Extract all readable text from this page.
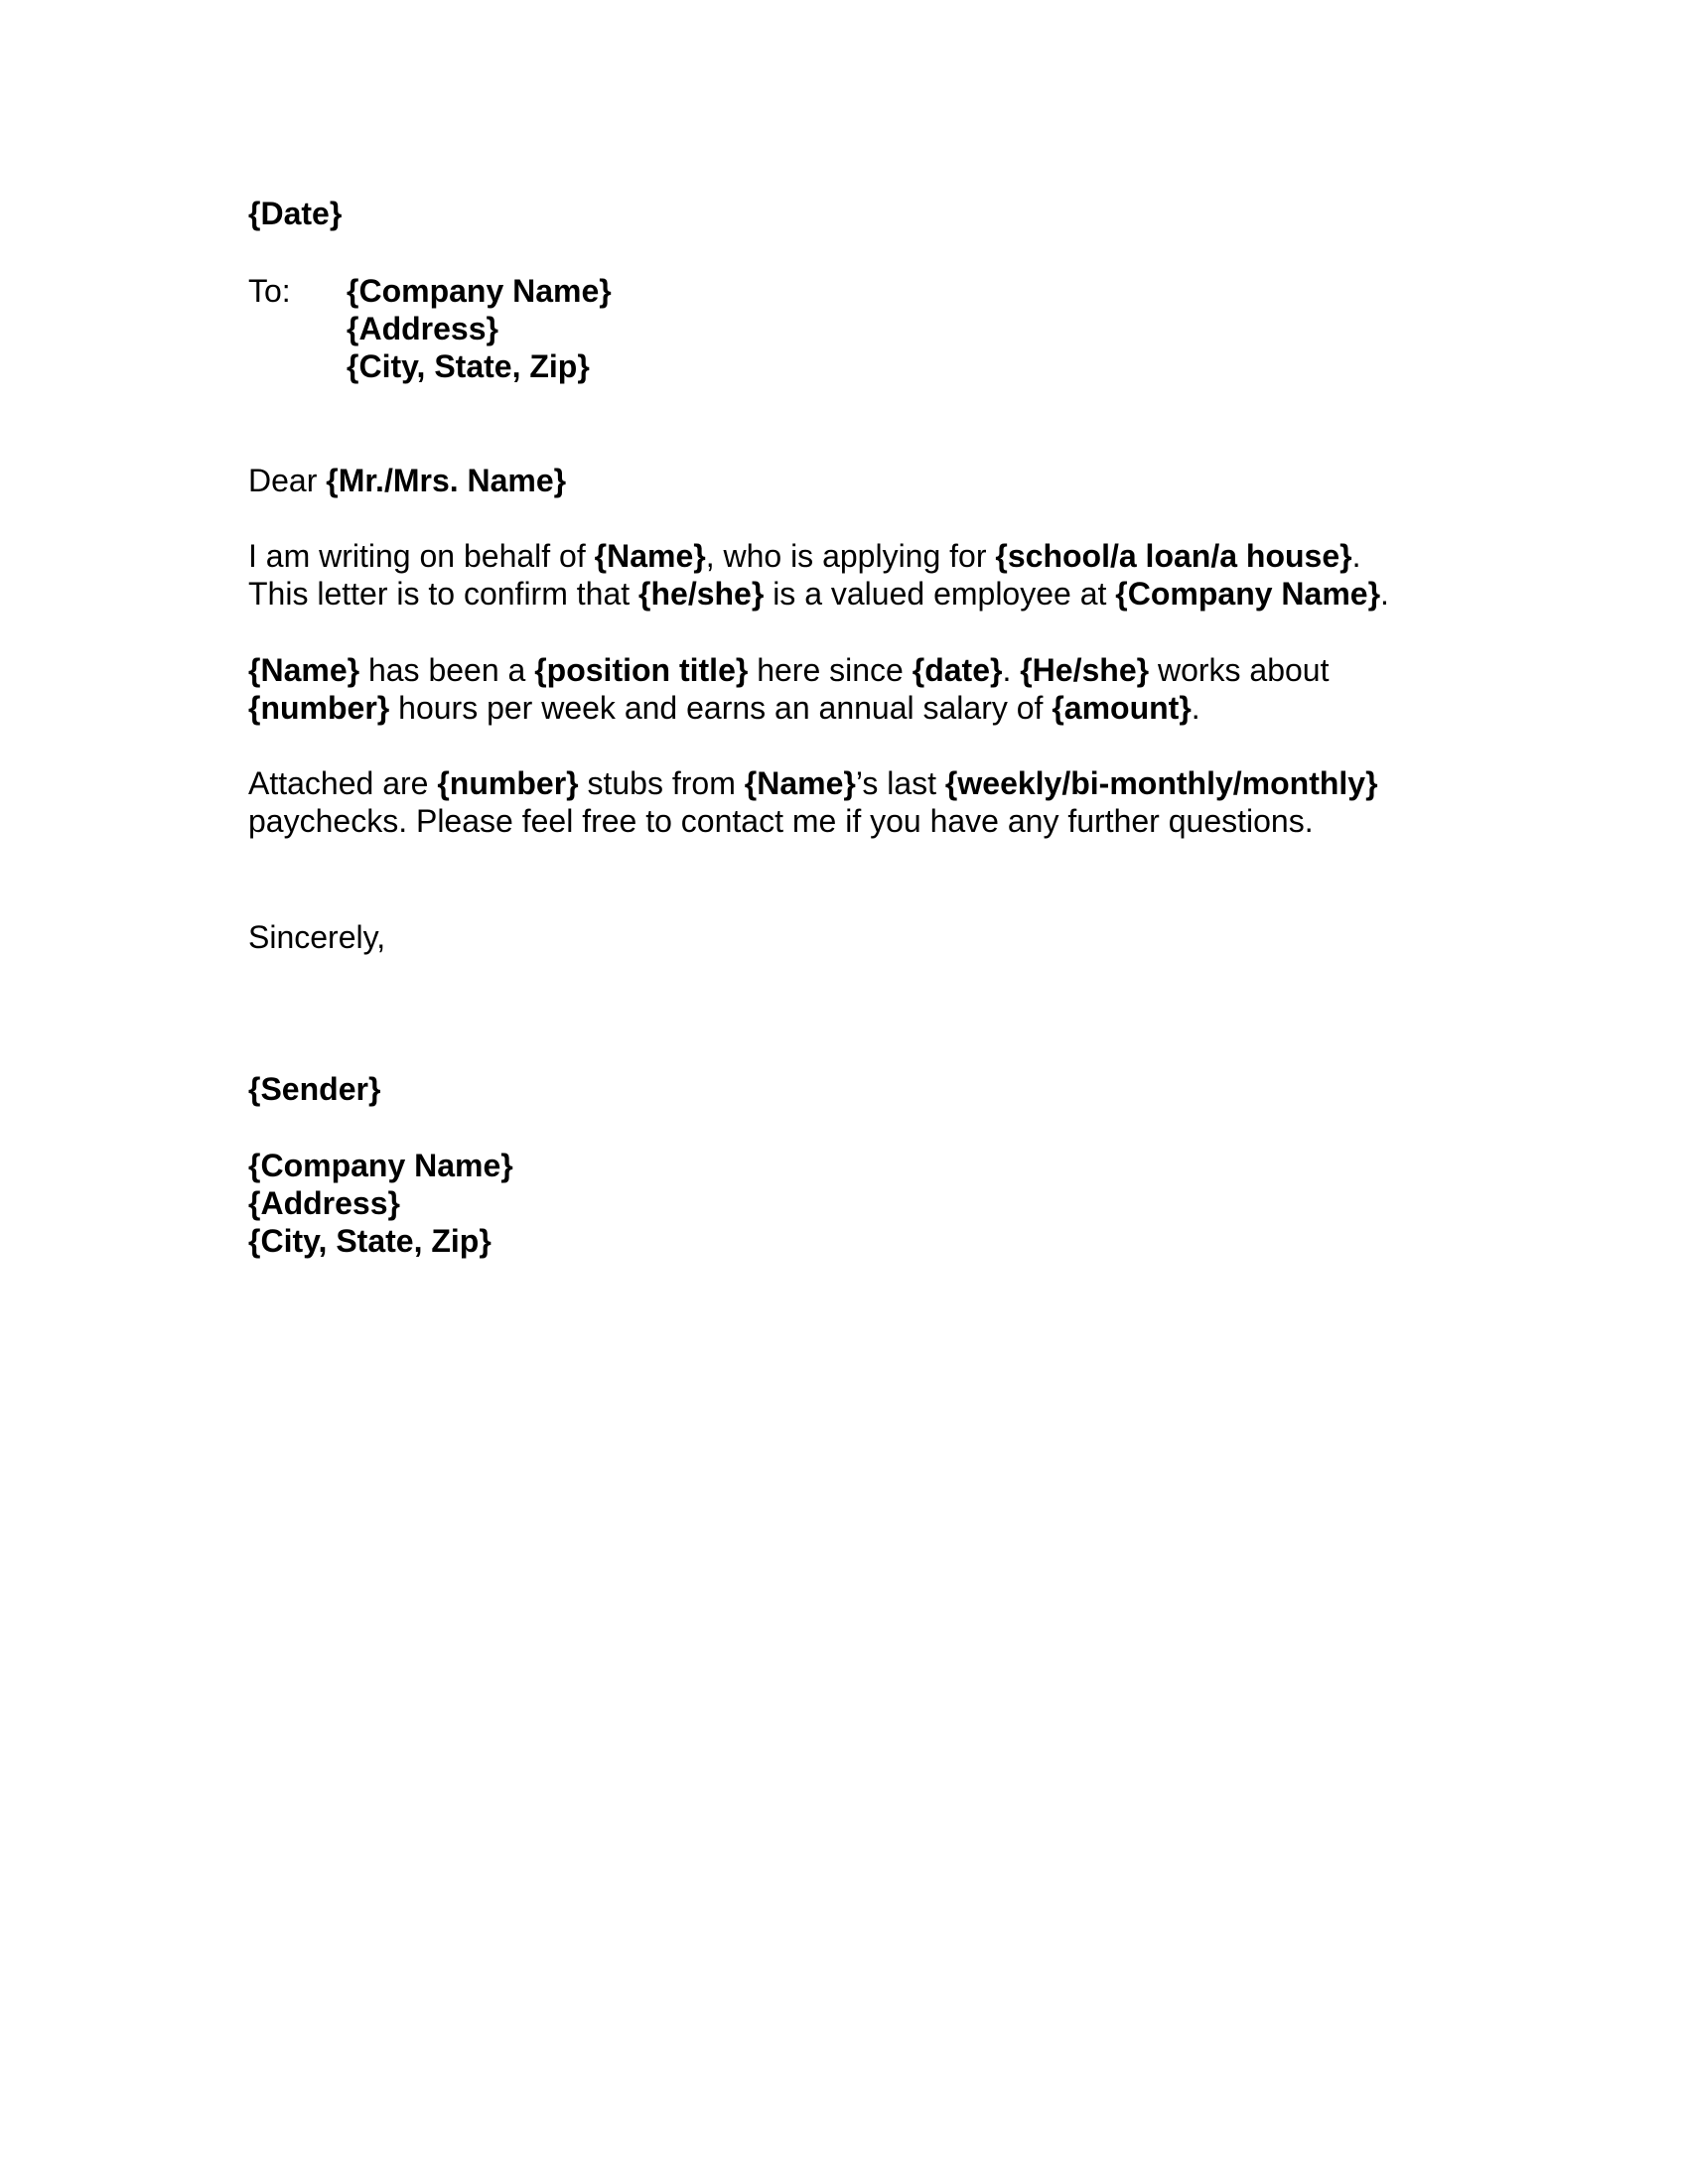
{Date}
To: {Company Name}
{Address}
{City, State, Zip}
Dear {Mr./Mrs. Name}
I am writing on behalf of {Name}, who is applying for {school/a loan/a house}.
This letter is to confirm that {he/she} is a valued employee at {Company Name}.
{Name} has been a {position title} here since {date}. {He/she} works about
{number} hours per week and earns an annual salary of {amount}.
Attached are {number} stubs from {Name}’s last {weekly/bi-monthly/monthly}
paychecks. Please feel free to contact me if you have any further questions.
Sincerely,
{Sender}
{Company Name}
{Address}
{City, State, Zip}
